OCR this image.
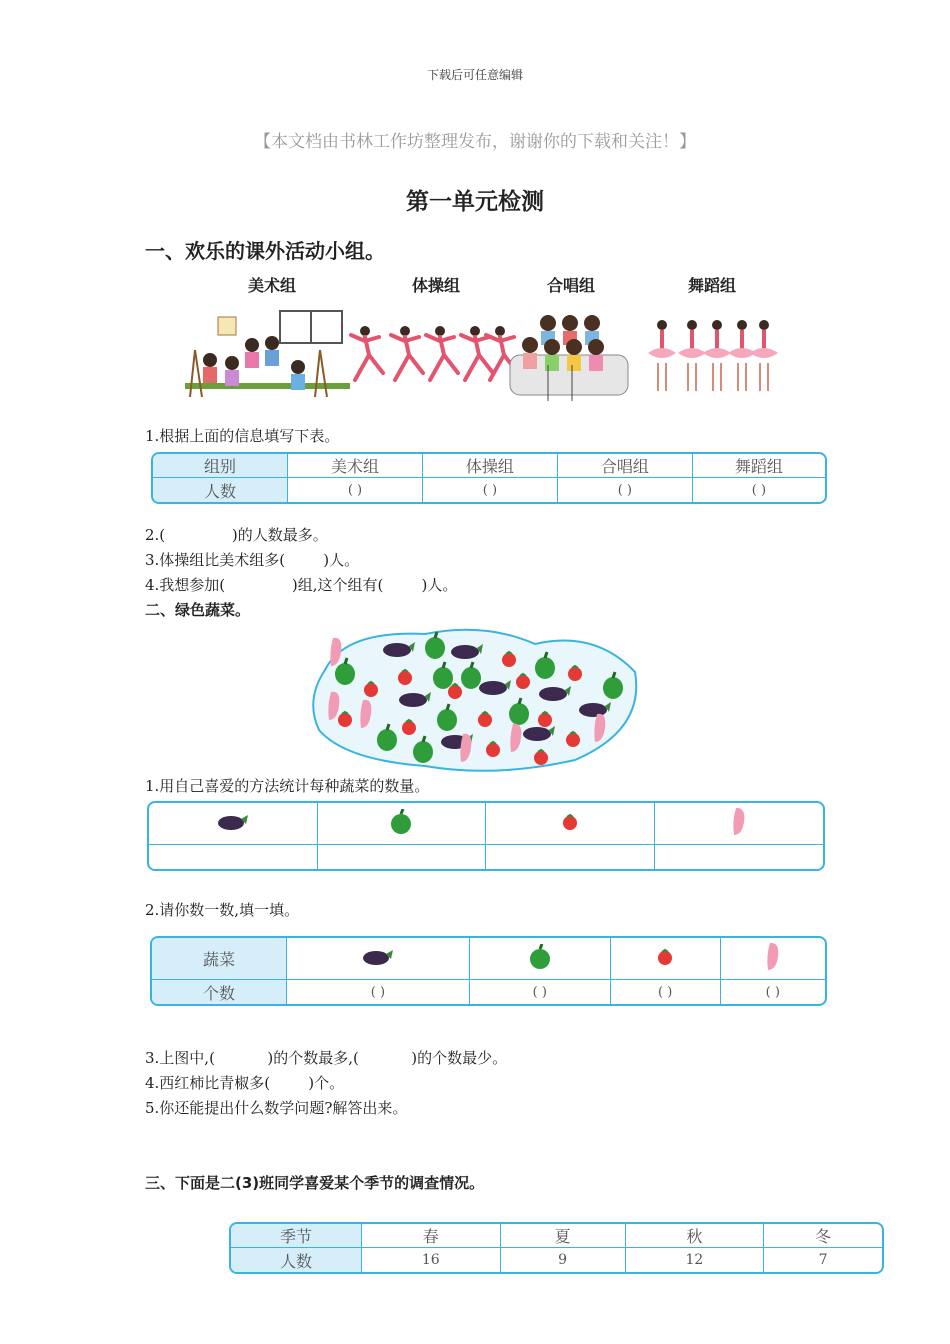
下载后可任意编辑
【本文档由书林工作坊整理发布，谢谢你的下载和关注！】
第一单元检测
一、欢乐的课外活动小组。
美术组	体操组	合唱组	舞蹈组
1.根据上面的信息填写下表。
组别	美术组	体操组	合唱组	舞蹈组
人数	( )	( )	( )	( )
2.(              )的人数最多。
3.体操组比美术组多(        )人。
4.我想参加(              )组,这个组有(        )人。
二、绿色蔬菜。
1.用自己喜爱的方法统计每种蔬菜的数量。

2.请你数一数,填一填。
蔬菜				
个数	( )	( )	( )	( )
3.上图中,(           )的个数最多,(           )的个数最少。
4.西红柿比青椒多(        )个。
5.你还能提出什么数学问题?解答出来。
三、下面是二(3)班同学喜爱某个季节的调查情况。
季节	春	夏	秋	冬
人数	16	9	12	7
